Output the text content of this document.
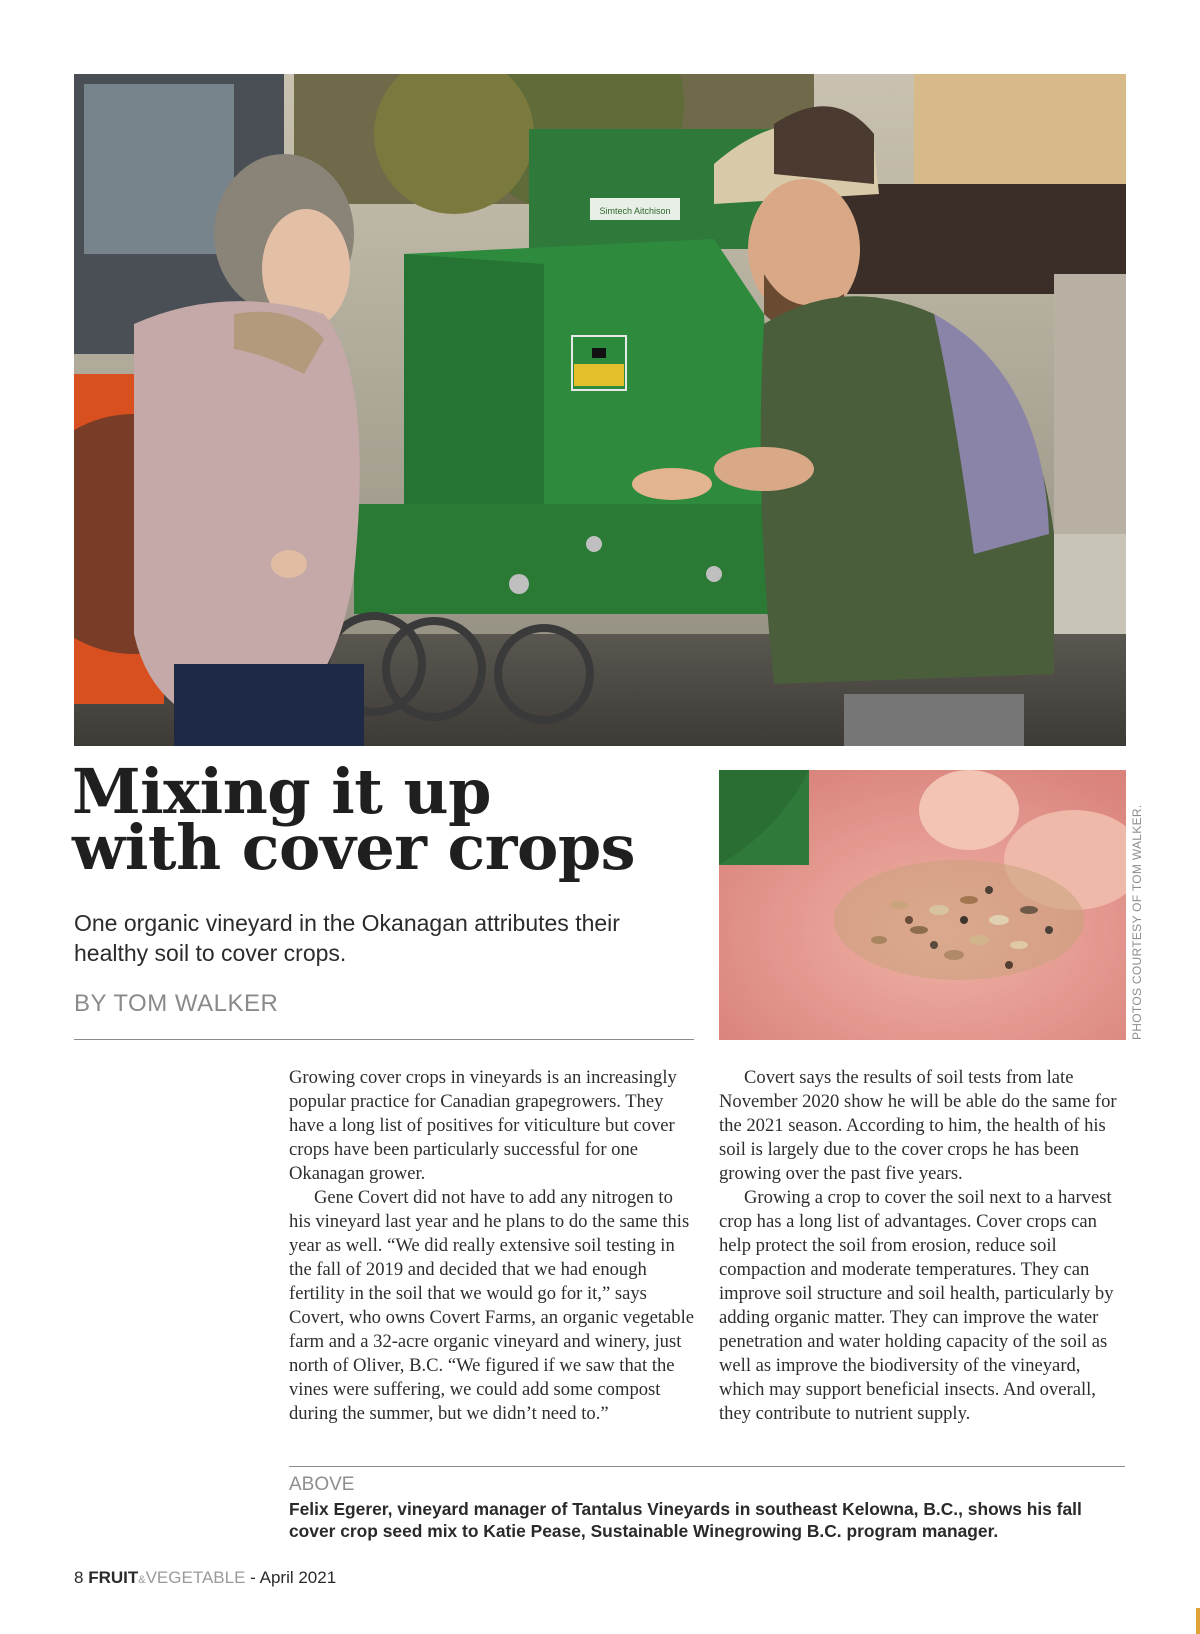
Simtech Aitchison
Mixing it up
with cover crops
One organic vineyard in the Okanagan attributes their healthy soil to cover crops.
BY TOM WALKER	PHOTOS COURTESY OF TOM WALKER.

Growing cover crops in vineyards is an increasingly popular practice for Canadian grapegrowers. They have a long list of positives for viticulture but cover crops have been particularly successful for one Okanagan grower.

Gene Covert did not have to add any nitrogen to his vineyard last year and he plans to do the same this year as well. “We did really extensive soil testing in the fall of 2019 and decided that we had enough fertility in the soil that we would go for it,” says Covert, who owns Covert Farms, an organic vegetable farm and a 32-acre organic vineyard and winery, just north of Oliver, B.C. “We figured if we saw that the vines were suffering, we could add some compost during the summer, but we didn’t need to.”

Covert says the results of soil tests from late November 2020 show he will be able do the same for the 2021 season. According to him, the health of his soil is largely due to the cover crops he has been growing over the past five years.

Growing a crop to cover the soil next to a harvest crop has a long list of advantages. Cover crops can help protect the soil from erosion, reduce soil compaction and moderate temperatures. They can improve soil structure and soil health, particularly by adding organic matter. They can improve the water penetration and water holding capacity of the soil as well as improve the biodiversity of the vineyard, which may support beneficial insects. And overall, they contribute to nutrient supply.

ABOVE
Felix Egerer, vineyard manager of Tantalus Vineyards in southeast Kelowna, B.C., shows his fall cover crop seed mix to Katie Pease, Sustainable Winegrowing B.C. program manager.
8 FRUIT&VEGETABLE - April 2021
